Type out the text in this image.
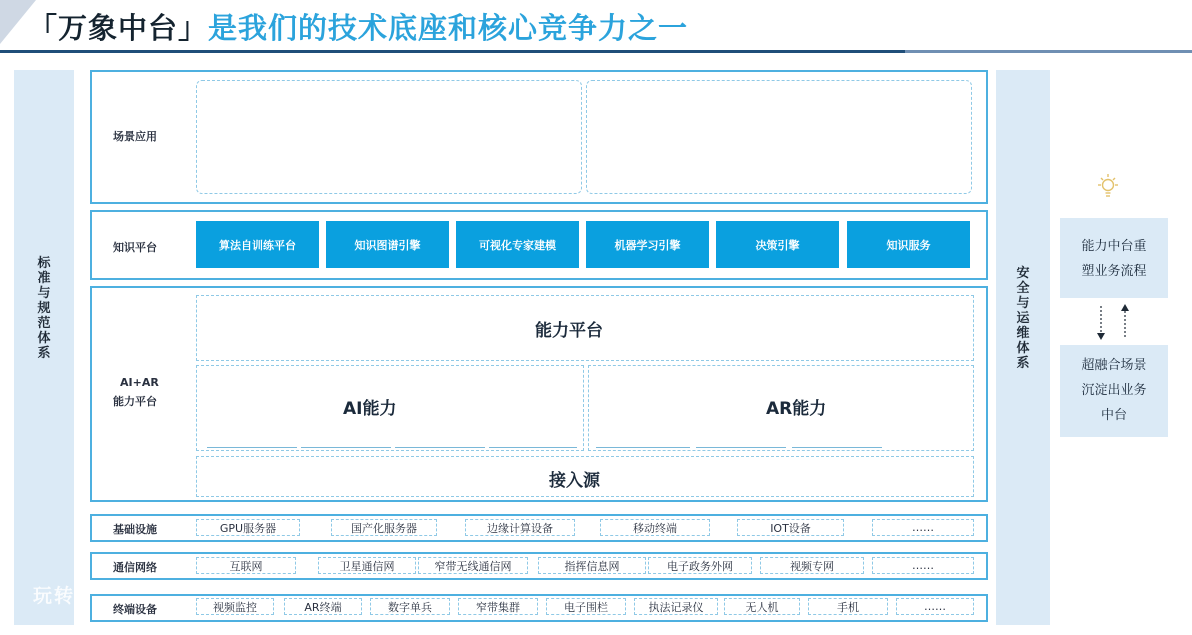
「万象中台」是我们的技术底座和核心竞争力之一
标准与规范体系
安全与运维体系
场景应用
知识平台	算法自训练平台	知识图谱引擎	可视化专家建模	机器学习引擎	决策引擎	知识服务
AI+AR
能力平台
能力平台
AI能力	AR能力
接入源
基础设施	GPU服务器	国产化服务器	边缘计算设备	移动终端	IOT设备	……
通信网络	互联网	卫星通信网	窄带无线通信网	指挥信息网	电子政务外网	视频专网	……
终端设备	视频监控	AR终端	数字单兵	窄带集群	电子围栏	执法记录仪	无人机	手机	……
能力中台重
塑业务流程
超融合场景
沉淀出业务
中台
玩转
